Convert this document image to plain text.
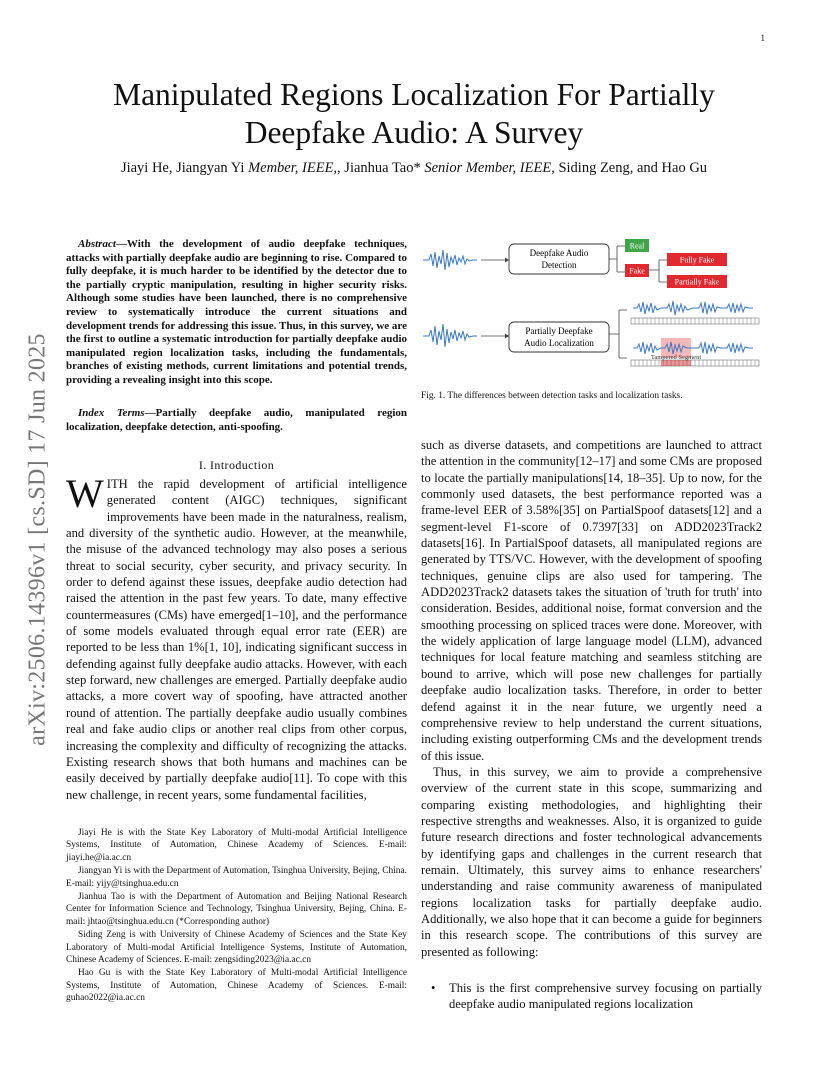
1
Manipulated Regions Localization For Partially Deepfake Audio: A Survey
Jiayi He, Jiangyan Yi Member, IEEE,, Jianhua Tao* Senior Member, IEEE, Siding Zeng, and Hao Gu
arXiv:2506.14396v1 [cs.SD] 17 Jun 2025
Abstract—With the development of audio deepfake techniques, attacks with partially deepfake audio are beginning to rise. Compared to fully deepfake, it is much harder to be identified by the detector due to the partially cryptic manipulation, resulting in higher security risks. Although some studies have been launched, there is no comprehensive review to systematically introduce the current situations and development trends for addressing this issue. Thus, in this survey, we are the first to outline a systematic introduction for partially deepfake audio manipulated region localization tasks, including the fundamentals, branches of existing methods, current limitations and potential trends, providing a revealing insight into this scope.
Index Terms—Partially deepfake audio, manipulated region localization, deepfake detection, anti-spoofing.
I. Introduction
WITH the rapid development of artificial intelligence generated content (AIGC) techniques, significant improvements have been made in the naturalness, realism, and diversity of the synthetic audio. However, at the meanwhile, the misuse of the advanced technology may also poses a serious threat to social security, cyber security, and privacy security. In order to defend against these issues, deepfake audio detection had raised the attention in the past few years. To date, many effective countermeasures (CMs) have emerged[1–10], and the performance of some models evaluated through equal error rate (EER) are reported to be less than 1%[1, 10], indicating significant success in defending against fully deepfake audio attacks. However, with each step forward, new challenges are emerged. Partially deepfake audio attacks, a more covert way of spoofing, have attracted another round of attention. The partially deepfake audio usually combines real and fake audio clips or another real clips from other corpus, increasing the complexity and difficulty of recognizing the attacks. Existing research shows that both humans and machines can be easily deceived by partially deepfake audio[11]. To cope with this new challenge, in recent years, some fundamental facilities,

Jiayi He is with the State Key Laboratory of Multi-modal Artificial Intelligence Systems, Institute of Automation, Chinese Academy of Sciences. E-mail: jiayi.he@ia.ac.cn

Jiangyan Yi is with the Department of Automation, Tsinghua University, Bejing, China. E-mail: yijy@tsinghua.edu.cn

Jianhua Tao is with the Department of Automation and Beijing National Research Center for Information Science and Technology, Tsinghua University, Bejing, China. E-mail: jhtao@tsinghua.edu.cn (*Corresponding author)

Siding Zeng is with University of Chinese Academy of Sciences and the State Key Laboratory of Multi-modal Artificial Intelligence Systems, Institute of Automation, Chinese Academy of Sciences. E-mail: zengsiding2023@ia.ac.cn

Hao Gu is with the State Key Laboratory of Multi-modal Artificial Intelligence Systems, Institute of Automation, Chinese Academy of Sciences. E-mail: guhao2022@ia.ac.cn

Deepfake Audio
Detection
Real
Fake
Fully Fake
Partially Fake
Partially Deepfake
Audio Localization
Tampered Segment
Fig. 1. The differences between detection tasks and localization tasks.

such as diverse datasets, and competitions are launched to attract the attention in the community[12–17] and some CMs are proposed to locate the partially manipulations[14, 18–35]. Up to now, for the commonly used datasets, the best performance reported was a frame-level EER of 3.58%[35] on PartialSpoof datasets[12] and a segment-level F1-score of 0.7397[33] on ADD2023Track2 datasets[16]. In PartialSpoof datasets, all manipulated regions are generated by TTS/VC. However, with the development of spoofing techniques, genuine clips are also used for tampering. The ADD2023Track2 datasets takes the situation of 'truth for truth' into consideration. Besides, additional noise, format conversion and the smoothing processing on spliced traces were done. Moreover, with the widely application of large language model (LLM), advanced techniques for local feature matching and seamless stitching are bound to arrive, which will pose new challenges for partially deepfake audio localization tasks. Therefore, in order to better defend against it in the near future, we urgently need a comprehensive review to help understand the current situations, including existing outperforming CMs and the development trends of this issue.

Thus, in this survey, we aim to provide a comprehensive overview of the current state in this scope, summarizing and comparing existing methodologies, and highlighting their respective strengths and weaknesses. Also, it is organized to guide future research directions and foster technological advancements by identifying gaps and challenges in the current research that remain. Ultimately, this survey aims to enhance researchers' understanding and raise community awareness of manipulated regions localization tasks for partially deepfake audio. Additionally, we also hope that it can become a guide for beginners in this research scope. The contributions of this survey are presented as following:

• This is the first comprehensive survey focusing on partially deepfake audio manipulated regions localization
